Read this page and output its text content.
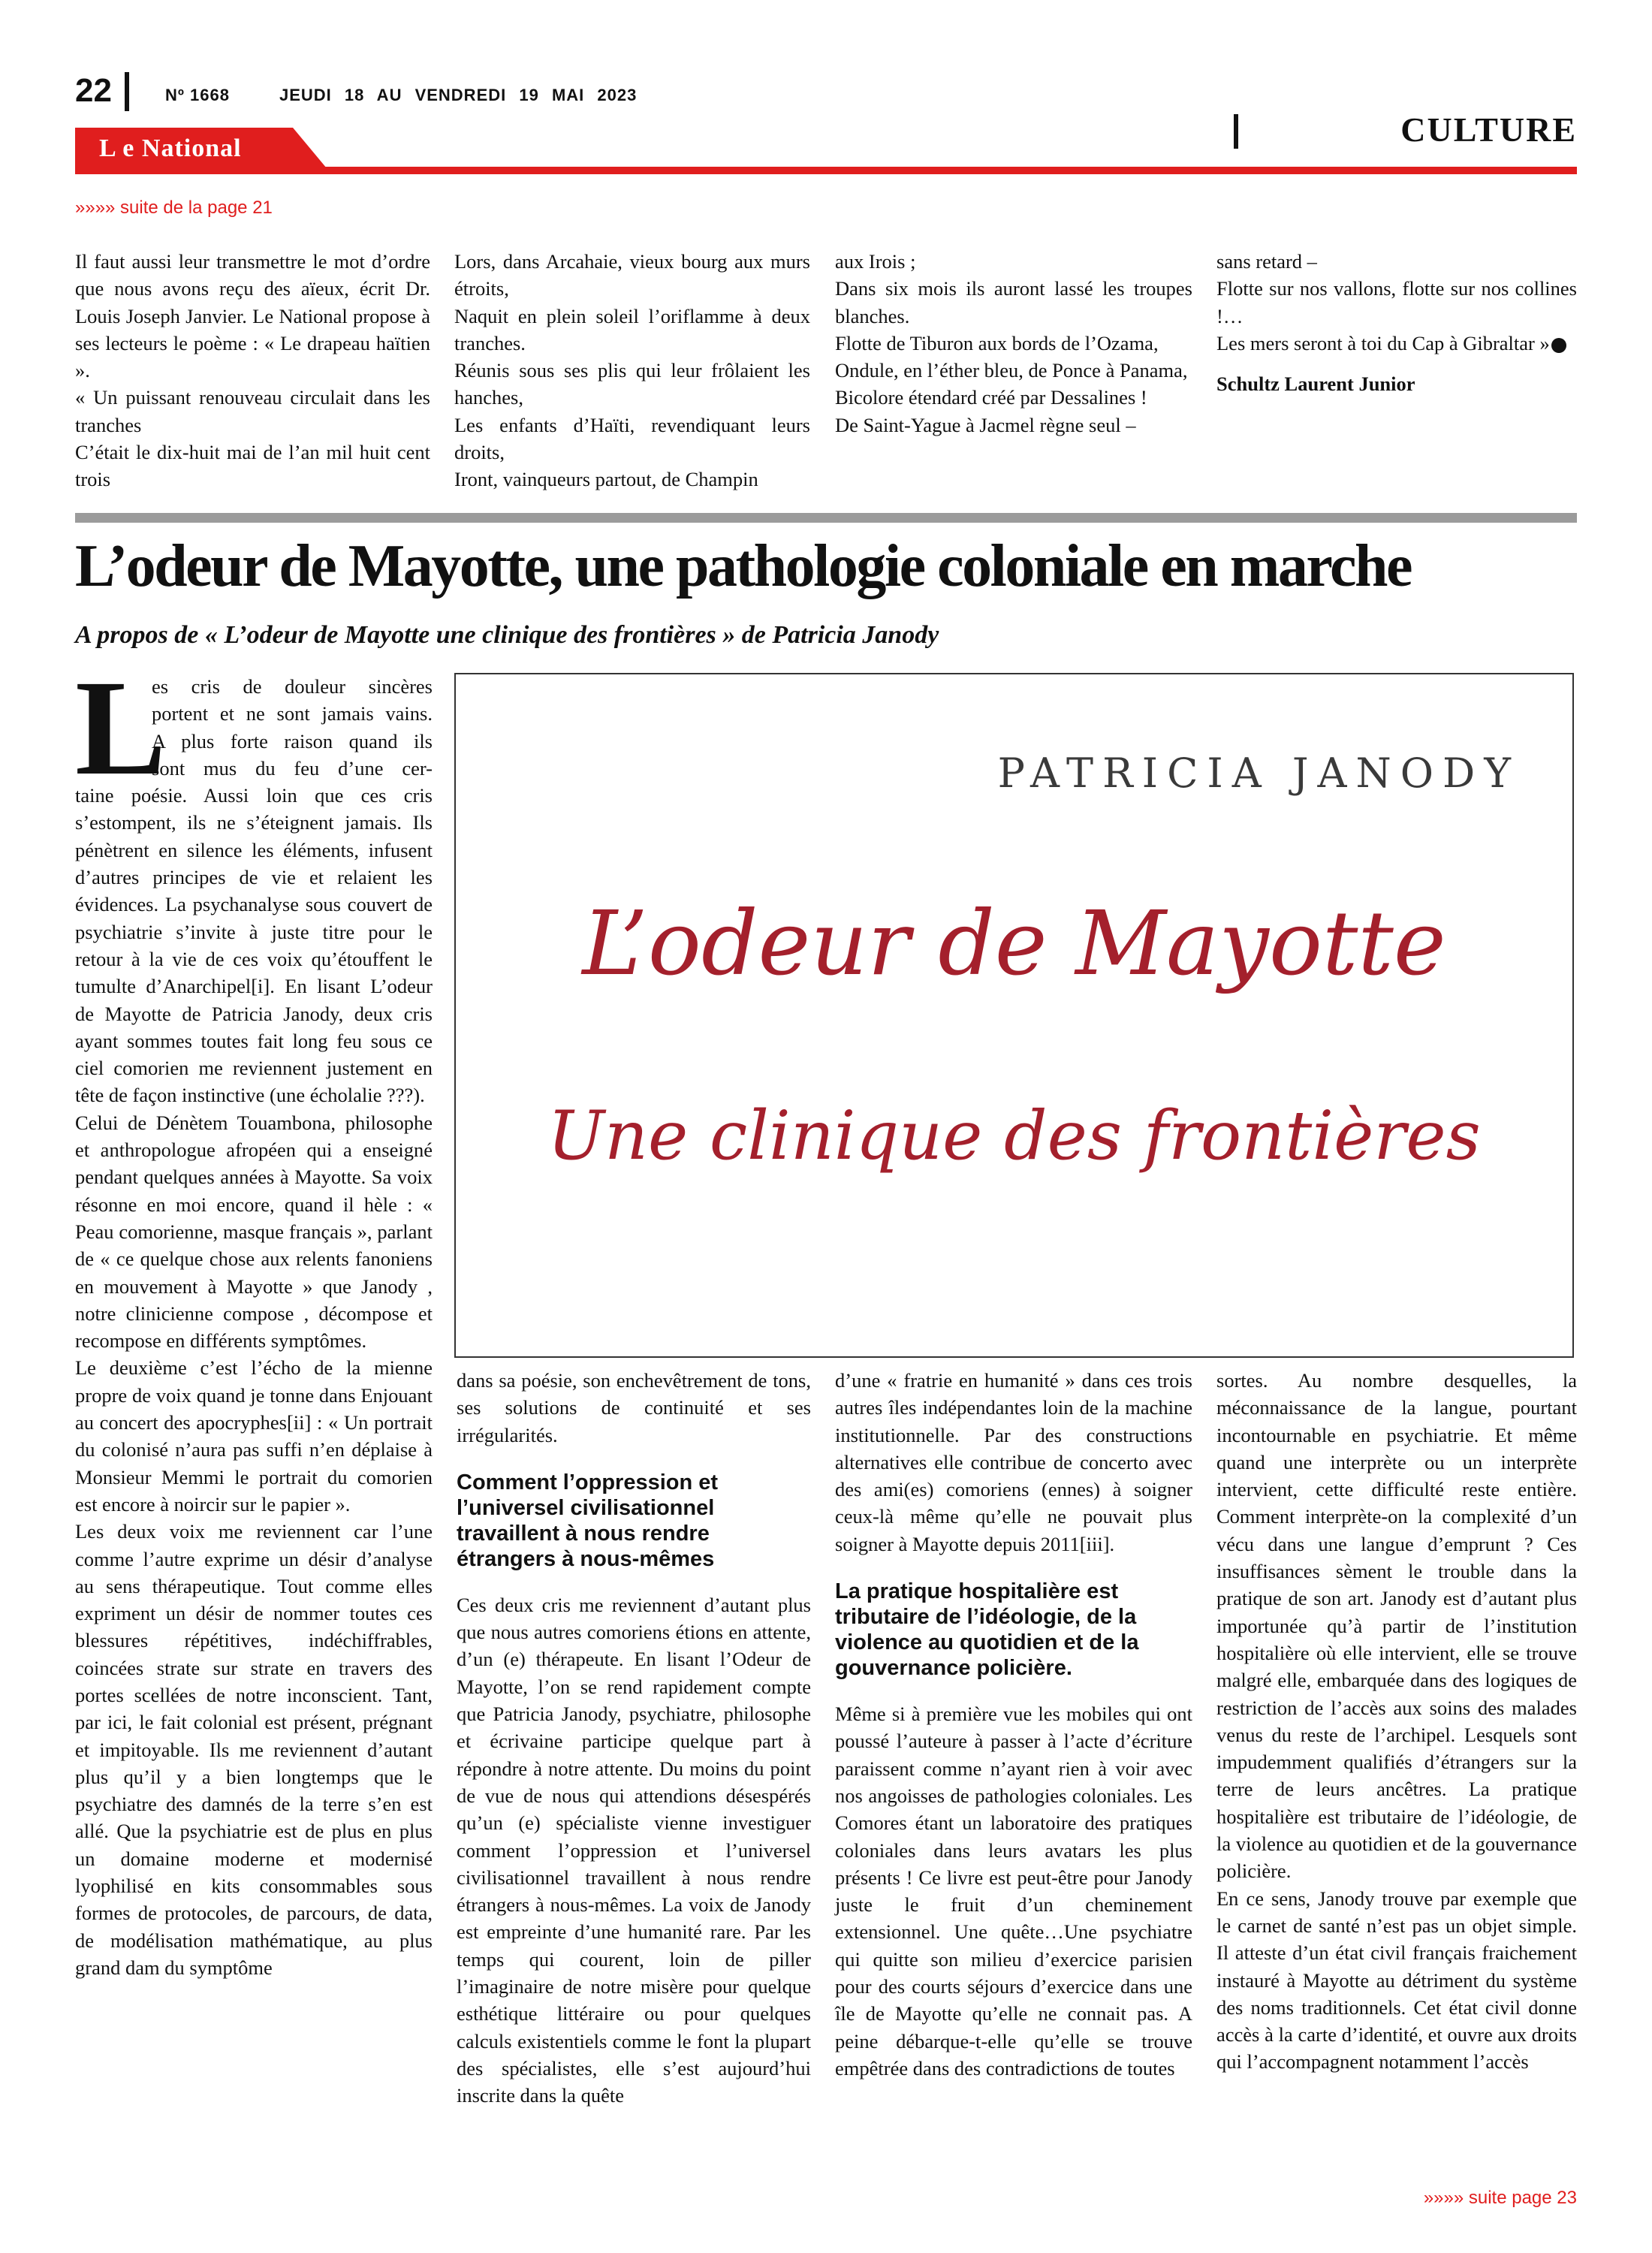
22	Nº 1668	JEUDI 18 AU VENDREDI 19 MAI 2023
CULTURE
L e National
»»»» suite de la page 21

Il faut aussi leur transmettre le mot d’ordre que nous avons reçu des aïeux, écrit Dr. Louis Joseph Janvier. Le National propose à ses lecteurs le poème : « Le drapeau haïtien ».

« Un puissant renouveau circulait dans les tranches

C’était le dix-huit mai de l’an mil huit cent trois

Lors, dans Arcahaie, vieux bourg aux murs étroits,

Naquit en plein soleil l’oriflamme à deux tranches.

Réunis sous ses plis qui leur frôlaient les hanches,

Les enfants d’Haïti, revendiquant leurs droits,

Iront, vainqueurs partout, de Champin

aux Irois ;

Dans six mois ils auront lassé les troupes blanches.

Flotte de Tiburon aux bords de l’Ozama,

Ondule, en l’éther bleu, de Ponce à Panama,

Bicolore étendard créé par Dessalines !

De Saint-Yague à Jacmel règne seul –

sans retard –

Flotte sur nos vallons, flotte sur nos collines !…

Les mers seront à toi du Cap à Gibraltar »

Schultz Laurent Junior

L’odeur de Mayotte, une pathologie coloniale en marche
A propos de « L’odeur de Mayotte une clinique des frontières » de Patricia Janody
L

es cris de douleur sincères

portent et ne sont jamais vains.

A plus forte raison quand ils

sont mus du feu d’une cer-

taine poésie. Aussi loin que ces cris s’estompent, ils ne s’éteignent jamais. Ils pénètrent en silence les éléments, infusent d’autres principes de vie et relaient les évidences. La psychanalyse sous couvert de psychiatrie s’invite à juste titre pour le retour à la vie de ces voix qu’étouffent le tumulte d’Anarchipel[i]. En lisant L’odeur de Mayotte de Patricia Janody, deux cris ayant sommes toutes fait long feu sous ce ciel comorien me reviennent justement en tête de façon instinctive (une écholalie ???).

Celui de Dénètem Touambona, philosophe et anthropologue afropéen qui a enseigné pendant quelques années à Mayotte. Sa voix résonne en moi encore, quand il hèle : « Peau comorienne, masque français », parlant de « ce quelque chose aux relents fanoniens en mouvement à Mayotte » que Janody , notre clinicienne compose , décompose et recompose en différents symptômes.

Le deuxième c’est l’écho de la mienne propre de voix quand je tonne dans Enjouant au concert des apocryphes[ii] : « Un portrait du colonisé n’aura pas suffi n’en déplaise à Monsieur Memmi le portrait du comorien est encore à noircir sur le papier ».

Les deux voix me reviennent car l’une comme l’autre exprime un désir d’analyse au sens thérapeutique. Tout comme elles expriment un désir de nommer toutes ces blessures répétitives, indéchiffrables, coincées strate sur strate en travers des portes scellées de notre inconscient. Tant, par ici, le fait colonial est présent, prégnant et impitoyable. Ils me reviennent d’autant plus qu’il y a bien longtemps que le psychiatre des damnés de la terre s’en est allé. Que la psychiatrie est de plus en plus un domaine moderne et modernisé lyophilisé en kits consommables sous formes de protocoles, de parcours, de data, de modélisation mathématique, au plus grand dam du symptôme

PATRICIA JANODY
L’odeur de Mayotte
Une clinique des frontières

dans sa poésie, son enchevêtrement de tons, ses solutions de continuité et ses irrégularités.

Comment l’oppression et l’universel civilisationnel travaillent à nous rendre étrangers à nous-mêmes

Ces deux cris me reviennent d’autant plus que nous autres comoriens étions en attente, d’un (e) thérapeute. En lisant l’Odeur de Mayotte, l’on se rend rapidement compte que Patricia Janody, psychiatre, philosophe et écrivaine participe quelque part à répondre à notre attente. Du moins du point de vue de nous qui attendions désespérés qu’un (e) spécialiste vienne investiguer comment l’oppression et l’universel civilisationnel travaillent à nous rendre étrangers à nous-mêmes. La voix de Janody est empreinte d’une humanité rare. Par les temps qui courent, loin de piller l’imaginaire de notre misère pour quelque esthétique littéraire ou pour quelques calculs existentiels comme le font la plupart des spécialistes, elle s’est aujourd’hui inscrite dans la quête

d’une « fratrie en humanité » dans ces trois autres îles indépendantes loin de la machine institutionnelle. Par des constructions alternatives elle contribue de concerto avec des ami(es) comoriens (ennes) à soigner ceux-là même qu’elle ne pouvait plus soigner à Mayotte depuis 2011[iii].

La pratique hospitalière est tributaire de l’idéologie, de la violence au quotidien et de la gouvernance policière.

Même si à première vue les mobiles qui ont poussé l’auteure à passer à l’acte d’écriture paraissent comme n’ayant rien à voir avec nos angoisses de pathologies coloniales. Les Comores étant un laboratoire des pratiques coloniales dans leurs avatars les plus présents ! Ce livre est peut-être pour Janody juste le fruit d’un cheminement extensionnel. Une quête…Une psychiatre qui quitte son milieu d’exercice parisien pour des courts séjours d’exercice dans une île de Mayotte qu’elle ne connait pas. A peine débarque-t-elle qu’elle se trouve empêtrée dans des contradictions de toutes

sortes. Au nombre desquelles, la méconnaissance de la langue, pourtant incontournable en psychiatrie. Et même quand une interprète ou un interprète intervient, cette difficulté reste entière. Comment interprète-on la complexité d’un vécu dans une langue d’emprunt ? Ces insuffisances sèment le trouble dans la pratique de son art. Janody est d’autant plus importunée qu’à partir de l’institution hospitalière où elle intervient, elle se trouve malgré elle, embarquée dans des logiques de restriction de l’accès aux soins des malades venus du reste de l’archipel. Lesquels sont impudemment qualifiés d’étrangers sur la terre de leurs ancêtres. La pratique hospitalière est tributaire de l’idéologie, de la violence au quotidien et de la gouvernance policière.

En ce sens, Janody trouve par exemple que le carnet de santé n’est pas un objet simple. Il atteste d’un état civil français fraichement instauré à Mayotte au détriment du système des noms traditionnels. Cet état civil donne accès à la carte d’identité, et ouvre aux droits qui l’accompagnent notamment l’accès

»»»» suite page 23
